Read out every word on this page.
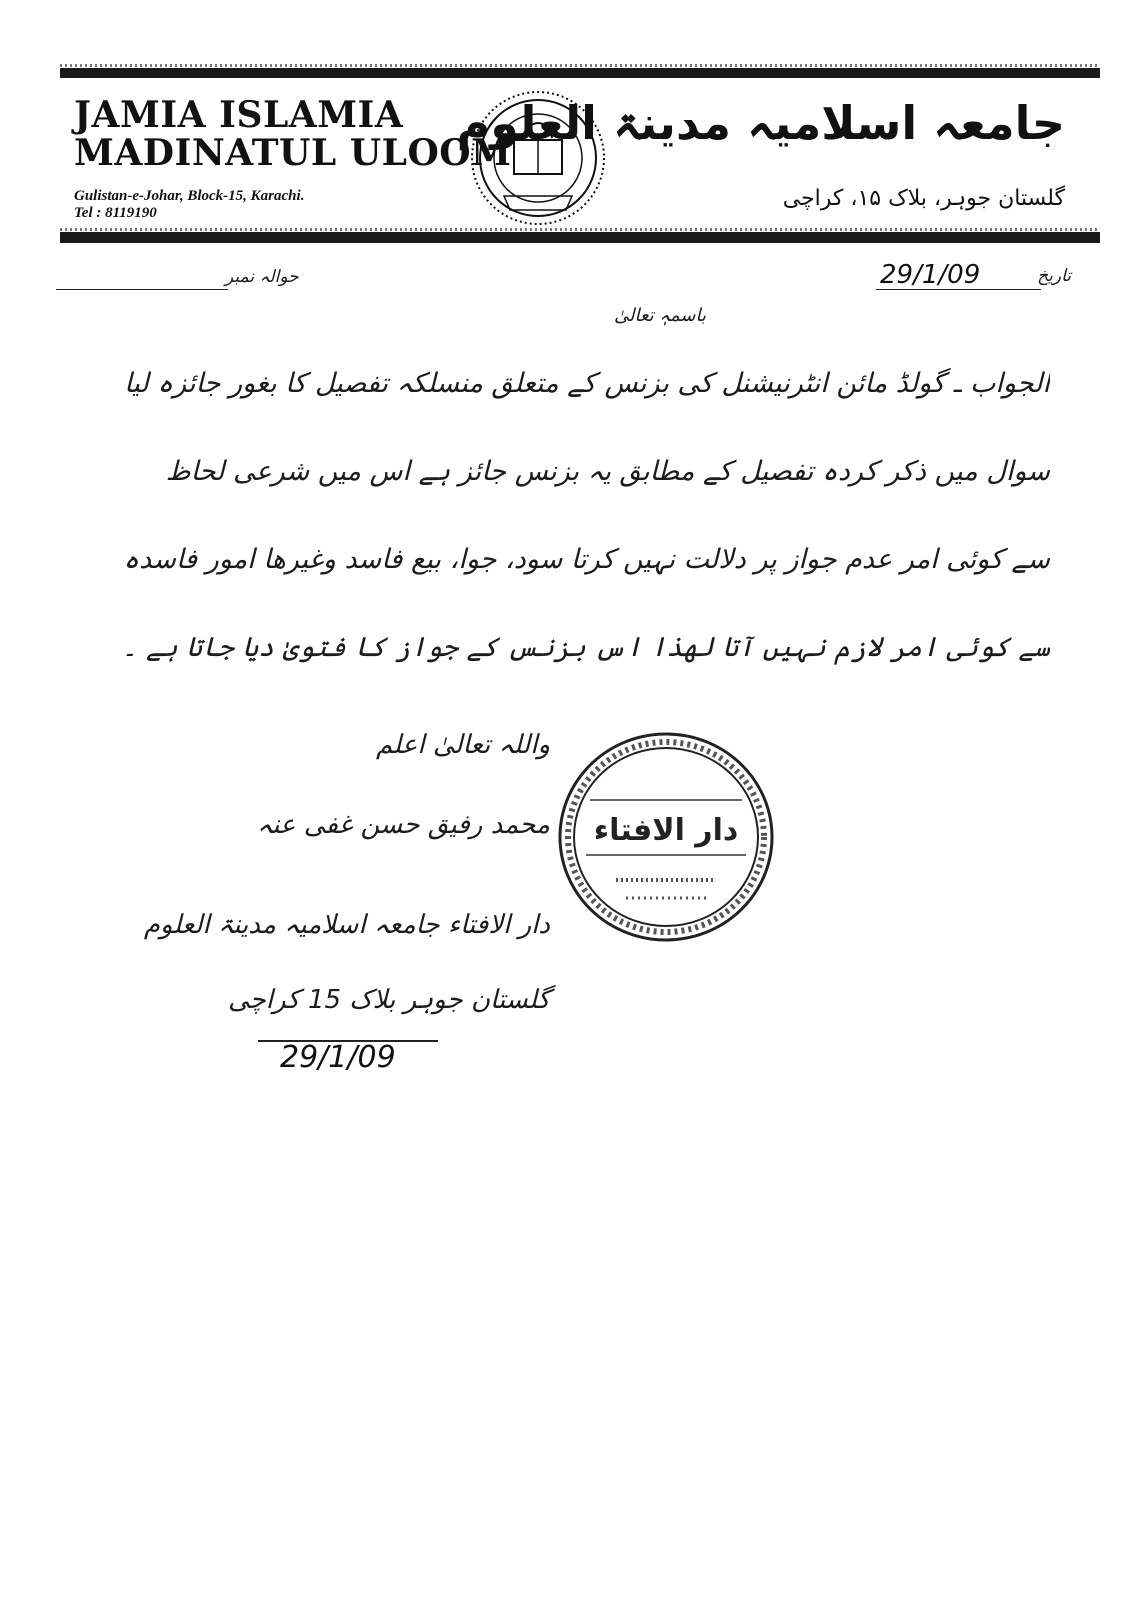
JAMIA ISLAMIA
MADINATUL ULOOM
Gulistan-e-Johar, Block-15, Karachi.
Tel : 8119190
جامعہ اسلامیہ مدینۃ العلوم
گلستان جوہر، بلاک ۱۵، کراچی
حوالہ نمبر	تاریخ
29/1/09
باسمہٖ تعالیٰ

الجواب ـ گولڈ مائن انٹرنیشنل کی بزنس کے متعلق منسلکہ تفصیل کا بغور جائزہ لیا

سوال میں ذکر کردہ تفصیل کے مطابق یہ بزنس جائز ہے اس میں شرعی لحاظ

سے کوئی امر عدم جواز پر دلالت نہیں کرتا سود، جوا، بیع فاسد وغیرھا امور فاسدہ

سے کوئی امر لازم نہیں آتا لھذا اس بزنس کے جواز کا فتویٰ دیا جاتا ہے ۔

واللہ تعالیٰ اعلم
محمد رفیق حسن غفی عنہ
دار الافتاء جامعہ اسلامیہ مدینۃ العلوم
گلستان جوہر بلاک 15 کراچی
29/1/09
دار الافتاء
